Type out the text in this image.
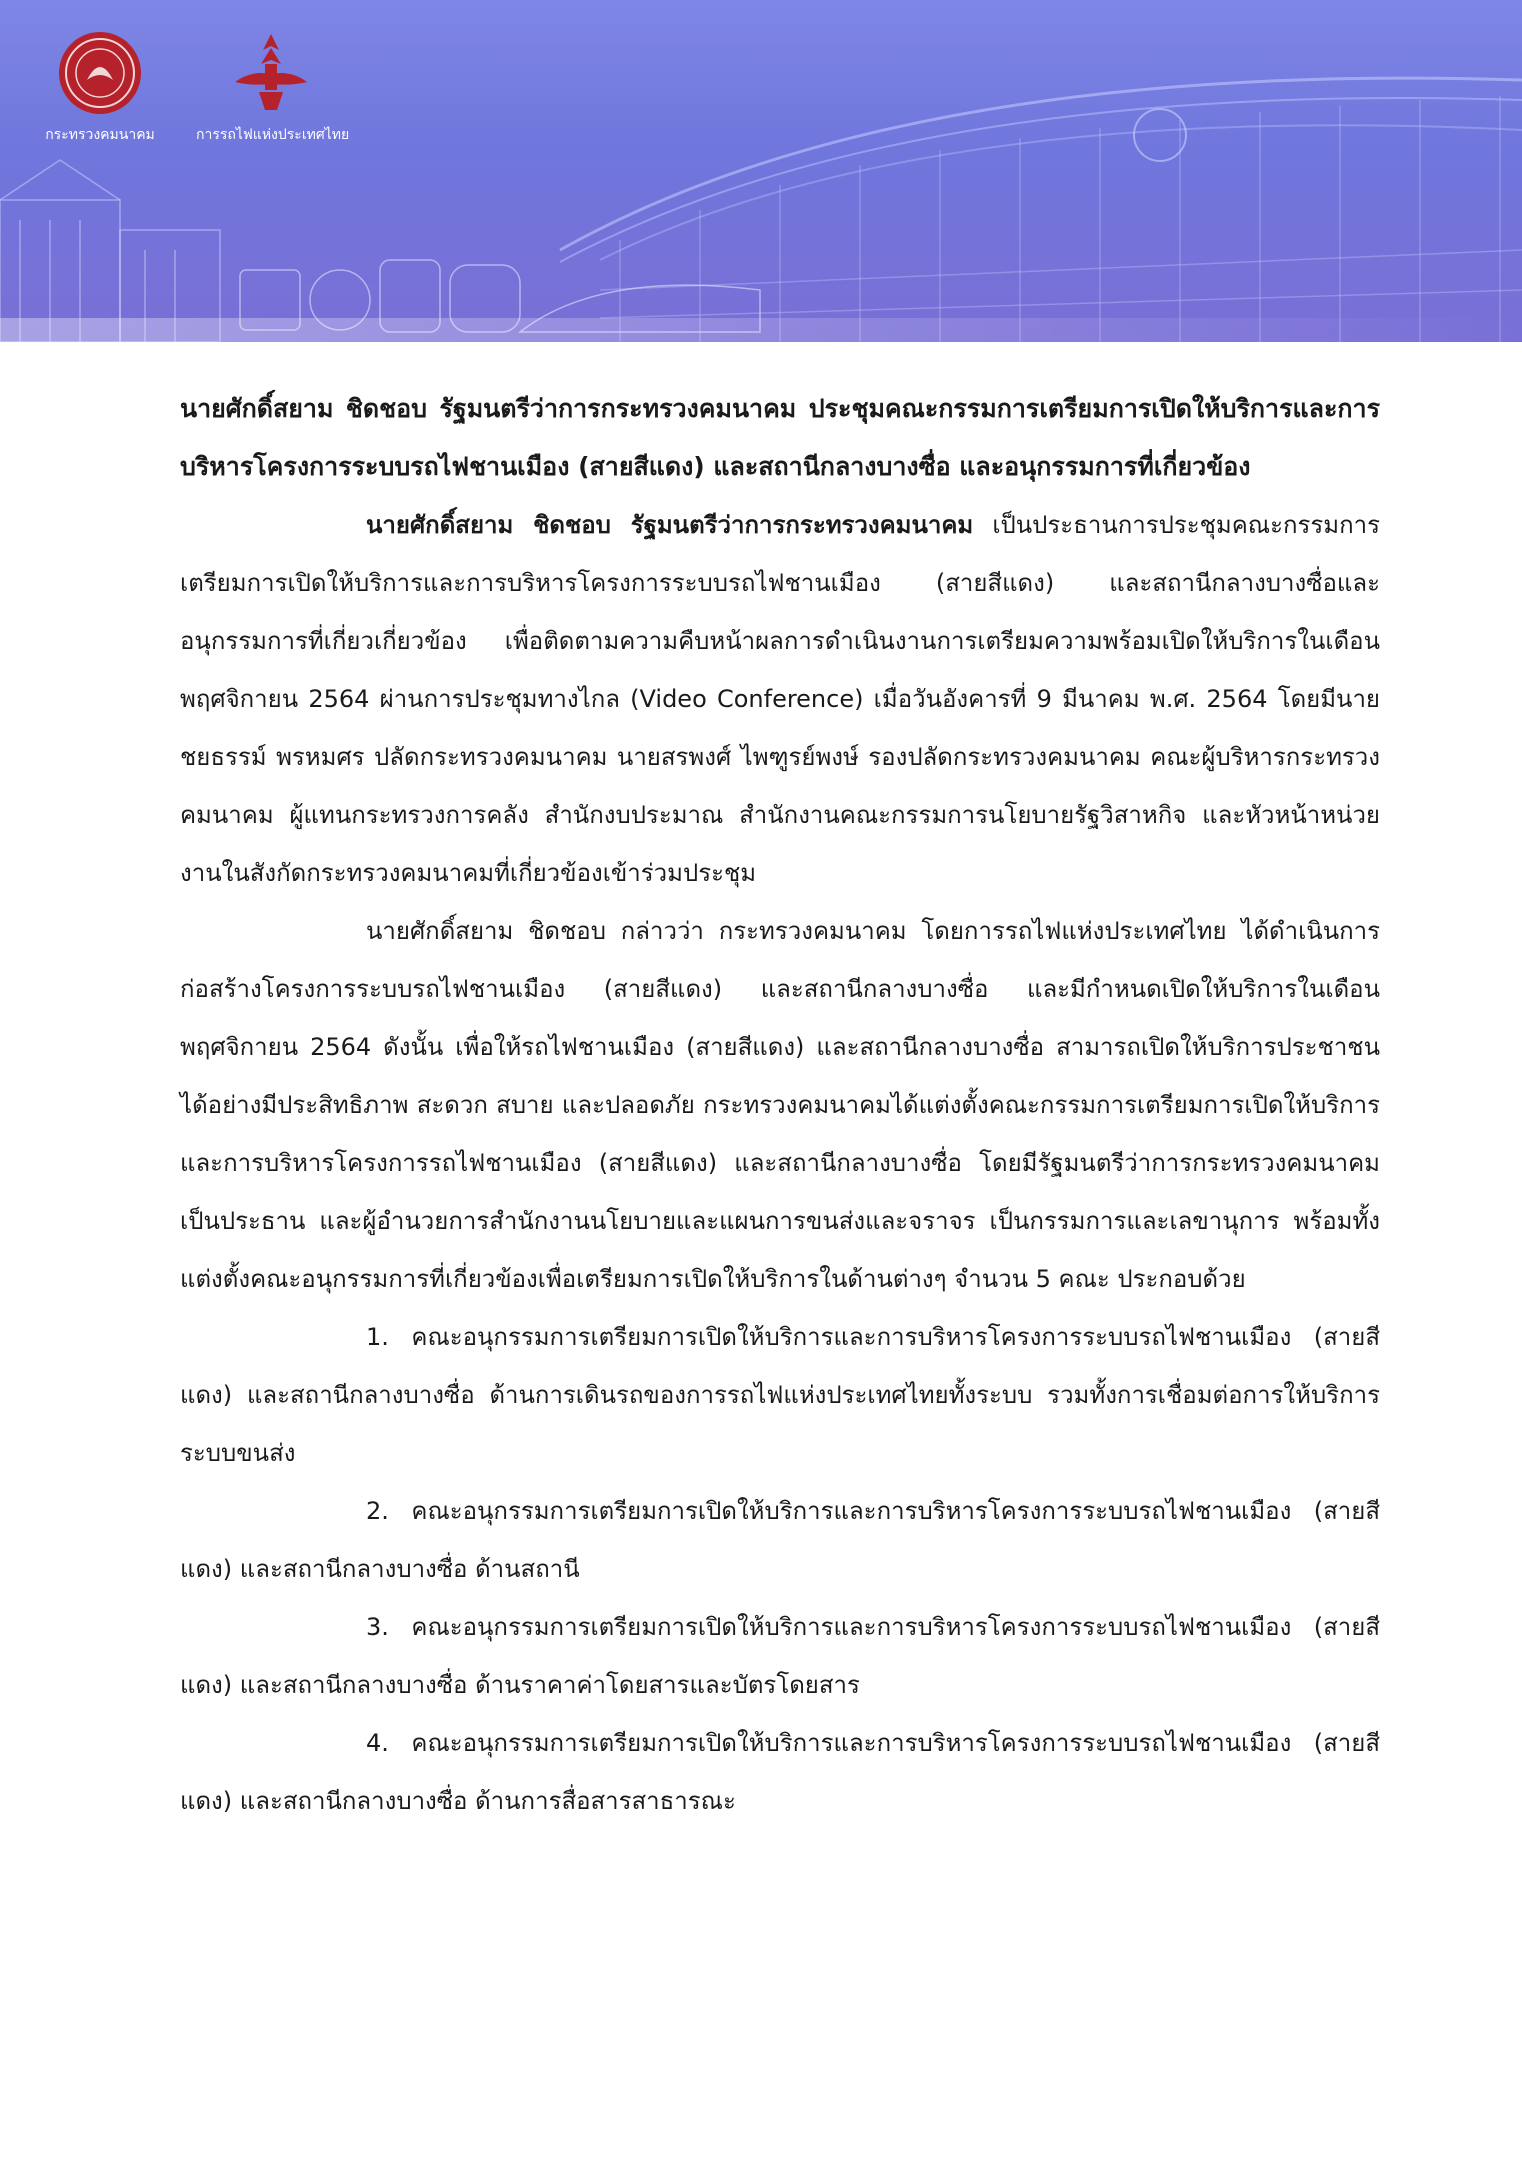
กระทรวงคมนาคม	การรถไฟแห่งประเทศไทย

นายศักดิ์สยาม ชิดชอบ รัฐมนตรีว่าการกระทรวงคมนาคม ประชุมคณะกรรมการเตรียมการเปิดให้บริการและการบริหารโครงการระบบรถไฟชานเมือง (สายสีแดง) และสถานีกลางบางซื่อ และอนุกรรมการที่เกี่ยวข้อง

นายศักดิ์สยาม ชิดชอบ รัฐมนตรีว่าการกระทรวงคมนาคม เป็นประธานการประชุมคณะกรรมการเตรียมการเปิดให้บริการและการบริหารโครงการระบบรถไฟชานเมือง (สายสีแดง) และสถานีกลางบางซื่อและอนุกรรมการที่เกี่ยวเกี่ยวข้อง เพื่อติดตามความคืบหน้าผลการดำเนินงานการเตรียมความพร้อมเปิดให้บริการในเดือนพฤศจิกายน 2564 ผ่านการประชุมทางไกล (Video Conference) เมื่อวันอังคารที่ 9 มีนาคม พ.ศ. 2564 โดยมีนายชยธรรม์ พรหมศร ปลัดกระทรวงคมนาคม นายสรพงศ์ ไพฑูรย์พงษ์ รองปลัดกระทรวงคมนาคม คณะผู้บริหารกระทรวงคมนาคม ผู้แทนกระทรวงการคลัง สำนักงบประมาณ สำนักงานคณะกรรมการนโยบายรัฐวิสาหกิจ และหัวหน้าหน่วยงานในสังกัดกระทรวงคมนาคมที่เกี่ยวข้องเข้าร่วมประชุม

นายศักดิ์สยาม ชิดชอบ กล่าวว่า กระทรวงคมนาคม โดยการรถไฟแห่งประเทศไทย ได้ดำเนินการก่อสร้างโครงการระบบรถไฟชานเมือง (สายสีแดง) และสถานีกลางบางซื่อ และมีกำหนดเปิดให้บริการในเดือนพฤศจิกายน 2564 ดังนั้น เพื่อให้รถไฟชานเมือง (สายสีแดง) และสถานีกลางบางซื่อ สามารถเปิดให้บริการประชาชนได้อย่างมีประสิทธิภาพ สะดวก สบาย และปลอดภัย กระทรวงคมนาคมได้แต่งตั้งคณะกรรมการเตรียมการเปิดให้บริการและการบริหารโครงการรถไฟชานเมือง (สายสีแดง) และสถานีกลางบางซื่อ โดยมีรัฐมนตรีว่าการกระทรวงคมนาคม เป็นประธาน และผู้อำนวยการสำนักงานนโยบายและแผนการขนส่งและจราจร เป็นกรรมการและเลขานุการ พร้อมทั้งแต่งตั้งคณะอนุกรรมการที่เกี่ยวข้องเพื่อเตรียมการเปิดให้บริการในด้านต่างๆ จำนวน 5 คณะ ประกอบด้วย

1. คณะอนุกรรมการเตรียมการเปิดให้บริการและการบริหารโครงการระบบรถไฟชานเมือง (สายสีแดง) และสถานีกลางบางซื่อ ด้านการเดินรถของการรถไฟแห่งประเทศไทยทั้งระบบ รวมทั้งการเชื่อมต่อการให้บริการระบบขนส่ง

2. คณะอนุกรรมการเตรียมการเปิดให้บริการและการบริหารโครงการระบบรถไฟชานเมือง (สายสีแดง) และสถานีกลางบางซื่อ ด้านสถานี

3. คณะอนุกรรมการเตรียมการเปิดให้บริการและการบริหารโครงการระบบรถไฟชานเมือง (สายสีแดง) และสถานีกลางบางซื่อ ด้านราคาค่าโดยสารและบัตรโดยสาร

4. คณะอนุกรรมการเตรียมการเปิดให้บริการและการบริหารโครงการระบบรถไฟชานเมือง (สายสีแดง) และสถานีกลางบางซื่อ ด้านการสื่อสารสาธารณะ
